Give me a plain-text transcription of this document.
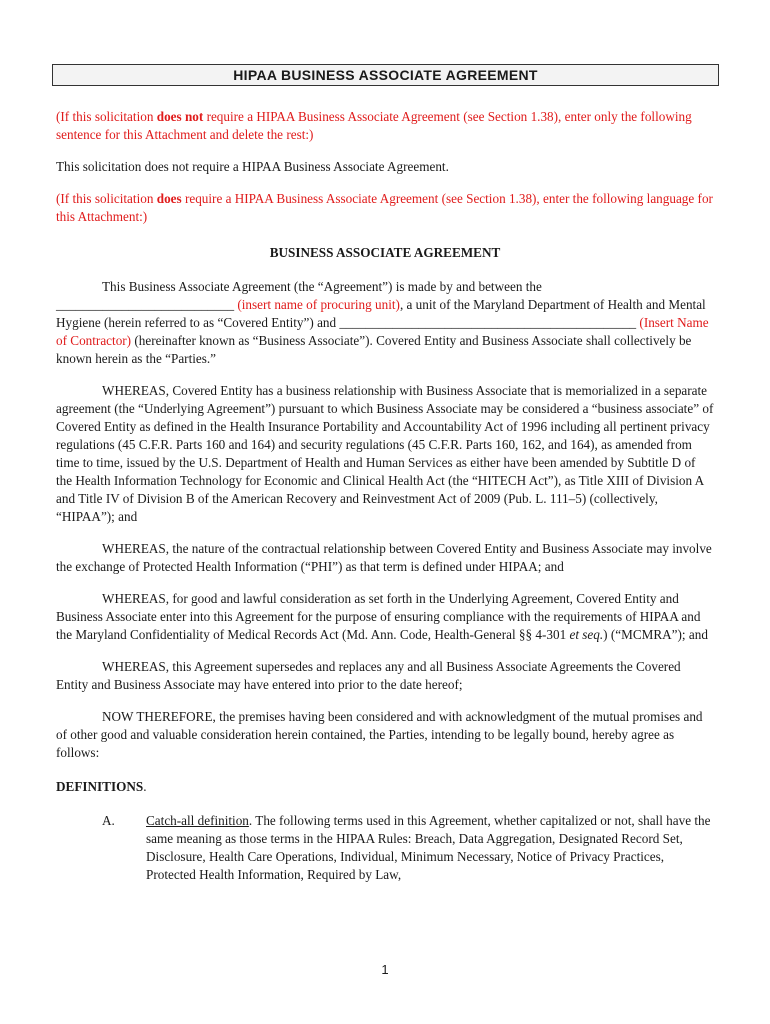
HIPAA BUSINESS ASSOCIATE AGREEMENT

(If this solicitation does not require a HIPAA Business Associate Agreement (see Section 1.38), enter only the following sentence for this Attachment and delete the rest:)

This solicitation does not require a HIPAA Business Associate Agreement.

(If this solicitation does require a HIPAA Business Associate Agreement (see Section 1.38), enter the following language for this Attachment:)

BUSINESS ASSOCIATE AGREEMENT

This Business Associate Agreement (the “Agreement”) is made by and between the ___________________________ (insert name of procuring unit), a unit of the Maryland Department of Health and Mental Hygiene (herein referred to as “Covered Entity”) and _____________________________________________ (Insert Name of Contractor) (hereinafter known as “Business Associate”). Covered Entity and Business Associate shall collectively be known herein as the “Parties.”

WHEREAS, Covered Entity has a business relationship with Business Associate that is memorialized in a separate agreement (the “Underlying Agreement”) pursuant to which Business Associate may be considered a “business associate” of Covered Entity as defined in the Health Insurance Portability and Accountability Act of 1996 including all pertinent privacy regulations (45 C.F.R. Parts 160 and 164) and security regulations (45 C.F.R. Parts 160, 162, and 164), as amended from time to time, issued by the U.S. Department of Health and Human Services as either have been amended by Subtitle D of the Health Information Technology for Economic and Clinical Health Act (the “HITECH Act”), as Title XIII of Division A and Title IV of Division B of the American Recovery and Reinvestment Act of 2009 (Pub. L. 111–5) (collectively, “HIPAA”); and

WHEREAS, the nature of the contractual relationship between Covered Entity and Business Associate may involve the exchange of Protected Health Information (“PHI”) as that term is defined under HIPAA; and

WHEREAS, for good and lawful consideration as set forth in the Underlying Agreement, Covered Entity and Business Associate enter into this Agreement for the purpose of ensuring compliance with the requirements of HIPAA and the Maryland Confidentiality of Medical Records Act (Md. Ann. Code, Health-General §§ 4-301 et seq.) (“MCMRA”); and

WHEREAS, this Agreement supersedes and replaces any and all Business Associate Agreements the Covered Entity and Business Associate may have entered into prior to the date hereof;

NOW THEREFORE, the premises having been considered and with acknowledgment of the mutual promises and of other good and valuable consideration herein contained, the Parties, intending to be legally bound, hereby agree as follows:

DEFINITIONS.

A.	Catch-all definition. The following terms used in this Agreement, whether capitalized or not, shall have the same meaning as those terms in the HIPAA Rules: Breach, Data Aggregation, Designated Record Set, Disclosure, Health Care Operations, Individual, Minimum Necessary, Notice of Privacy Practices, Protected Health Information, Required by Law,
1
